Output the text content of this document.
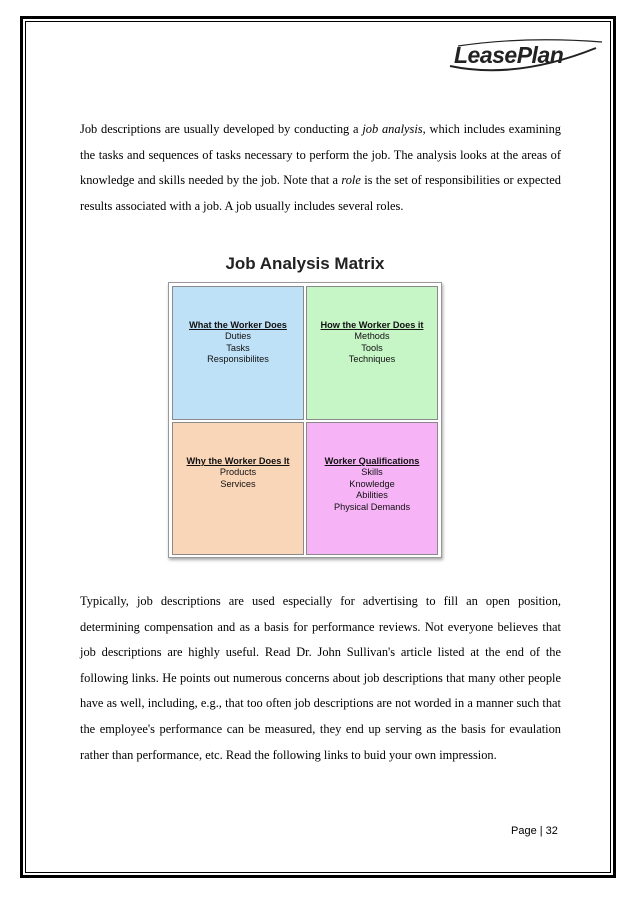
LeasePlan

Job descriptions are usually developed by conducting a job analysis, which includes examining the tasks and sequences of tasks necessary to perform the job. The analysis looks at the areas of knowledge and skills needed by the job. Note that a role is the set of responsibilities or expected results associated with a job. A job usually includes several roles.

Job Analysis Matrix
What the Worker Does
Duties
Tasks
Responsibilites
How the Worker Does it
Methods
Tools
Techniques
Why the Worker Does It
Products
Services
Worker Qualifications
Skills
Knowledge
Abilities
Physical Demands

Typically, job descriptions are used especially for advertising to fill an open position, determining compensation and as a basis for performance reviews. Not everyone believes that job descriptions are highly useful. Read Dr. John Sullivan's article listed at the end of the following links. He points out numerous concerns about job descriptions that many other people have as well, including, e.g., that too often job descriptions are not worded in a manner such that the employee's performance can be measured, they end up serving as the basis for evaulation rather than performance, etc. Read the following links to buid your own impression.

Page | 32
